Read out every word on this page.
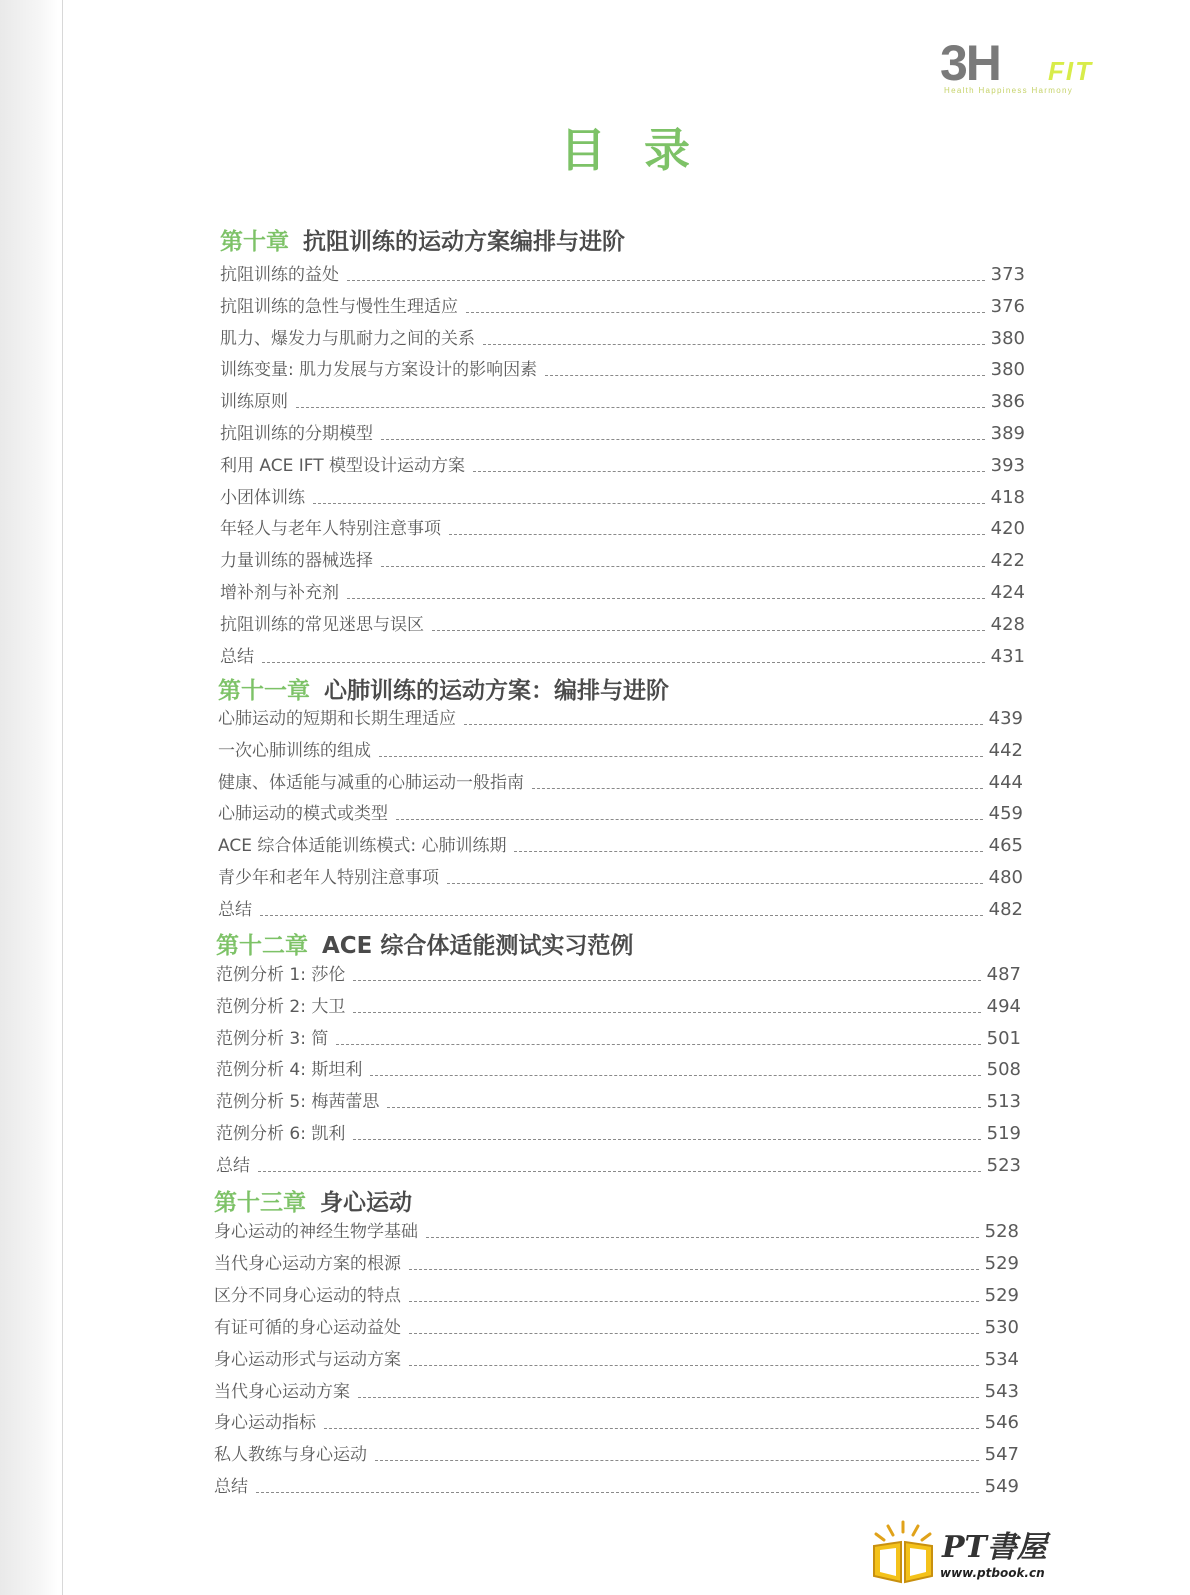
3H FIT
Health Happiness Harmony
目录
第十章 抗阻训练的运动方案编排与进阶
抗阻训练的益处	373
抗阻训练的急性与慢性生理适应	376
肌力、爆发力与肌耐力之间的关系	380
训练变量: 肌力发展与方案设计的影响因素	380
训练原则	386
抗阻训练的分期模型	389
利用 ACE IFT 模型设计运动方案	393
小团体训练	418
年轻人与老年人特别注意事项	420
力量训练的器械选择	422
增补剂与补充剂	424
抗阻训练的常见迷思与误区	428
总结	431
第十一章 心肺训练的运动方案：编排与进阶
心肺运动的短期和长期生理适应	439
一次心肺训练的组成	442
健康、体适能与减重的心肺运动一般指南	444
心肺运动的模式或类型	459
ACE 综合体适能训练模式: 心肺训练期	465
青少年和老年人特别注意事项	480
总结	482
第十二章 ACE 综合体适能测试实习范例
范例分析 1: 莎伦	487
范例分析 2: 大卫	494
范例分析 3: 简	501
范例分析 4: 斯坦利	508
范例分析 5: 梅茜蕾思	513
范例分析 6: 凯利	519
总结	523
第十三章 身心运动
身心运动的神经生物学基础	528
当代身心运动方案的根源	529
区分不同身心运动的特点	529
有证可循的身心运动益处	530
身心运动形式与运动方案	534
当代身心运动方案	543
身心运动指标	546
私人教练与身心运动	547
总结	549
PT書屋
www.ptbook.cn
